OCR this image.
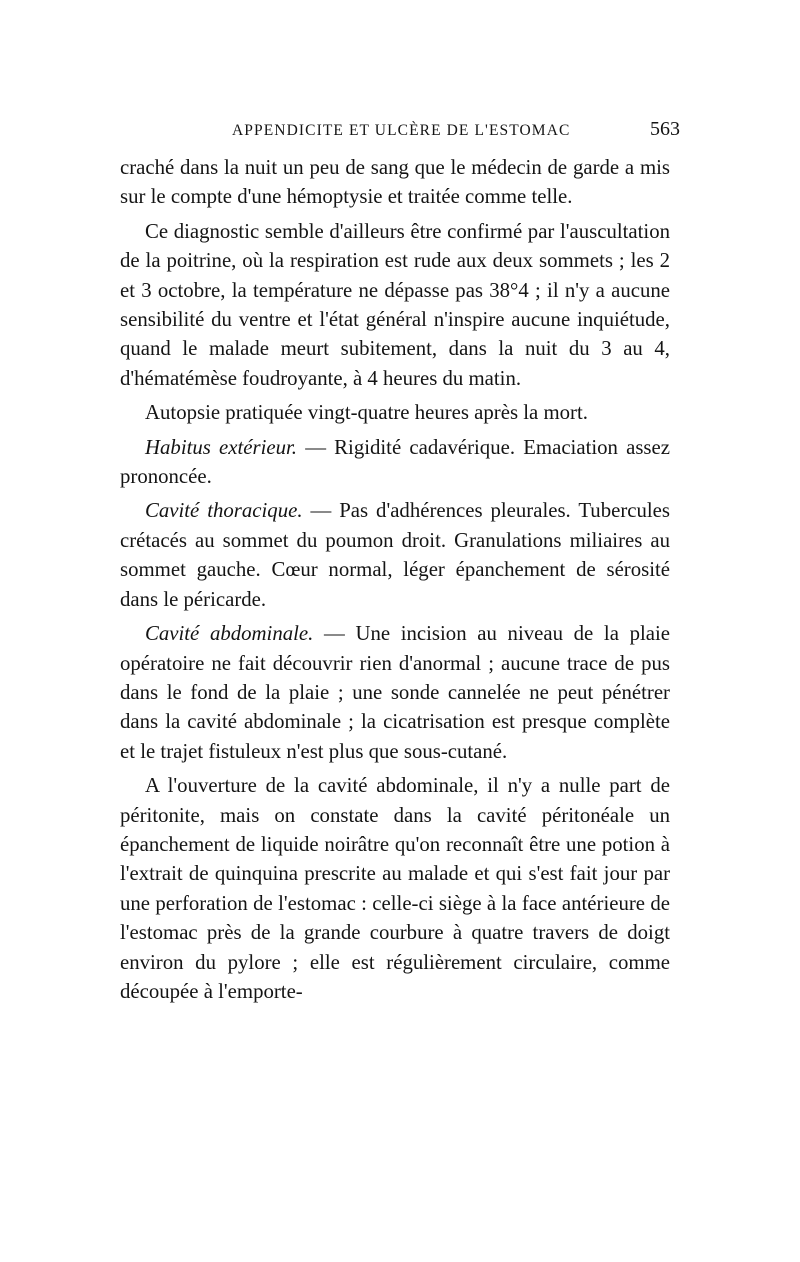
APPENDICITE ET ULCÈRE DE L'ESTOMAC	563

craché dans la nuit un peu de sang que le médecin de garde a mis sur le compte d'une hémoptysie et traitée comme telle.

Ce diagnostic semble d'ailleurs être confirmé par l'auscultation de la poitrine, où la respiration est rude aux deux sommets ; les 2 et 3 octobre, la température ne dépasse pas 38°4 ; il n'y a aucune sensibilité du ventre et l'état général n'inspire aucune inquiétude, quand le malade meurt subitement, dans la nuit du 3 au 4, d'hématémèse foudroyante, à 4 heures du matin.

Autopsie pratiquée vingt-quatre heures après la mort.

Habitus extérieur. — Rigidité cadavérique. Emaciation assez prononcée.

Cavité thoracique. — Pas d'adhérences pleurales. Tubercules crétacés au sommet du poumon droit. Granulations miliaires au sommet gauche. Cœur normal, léger épanchement de sérosité dans le péricarde.

Cavité abdominale. — Une incision au niveau de la plaie opératoire ne fait découvrir rien d'anormal ; aucune trace de pus dans le fond de la plaie ; une sonde cannelée ne peut pénétrer dans la cavité abdominale ; la cicatrisation est presque complète et le trajet fistuleux n'est plus que sous-cutané.

A l'ouverture de la cavité abdominale, il n'y a nulle part de péritonite, mais on constate dans la cavité péritonéale un épanchement de liquide noirâtre qu'on reconnaît être une potion à l'extrait de quinquina prescrite au malade et qui s'est fait jour par une perforation de l'estomac : celle-ci siège à la face antérieure de l'estomac près de la grande courbure à quatre travers de doigt environ du pylore ; elle est régulièrement circulaire, comme découpée à l'emporte-
